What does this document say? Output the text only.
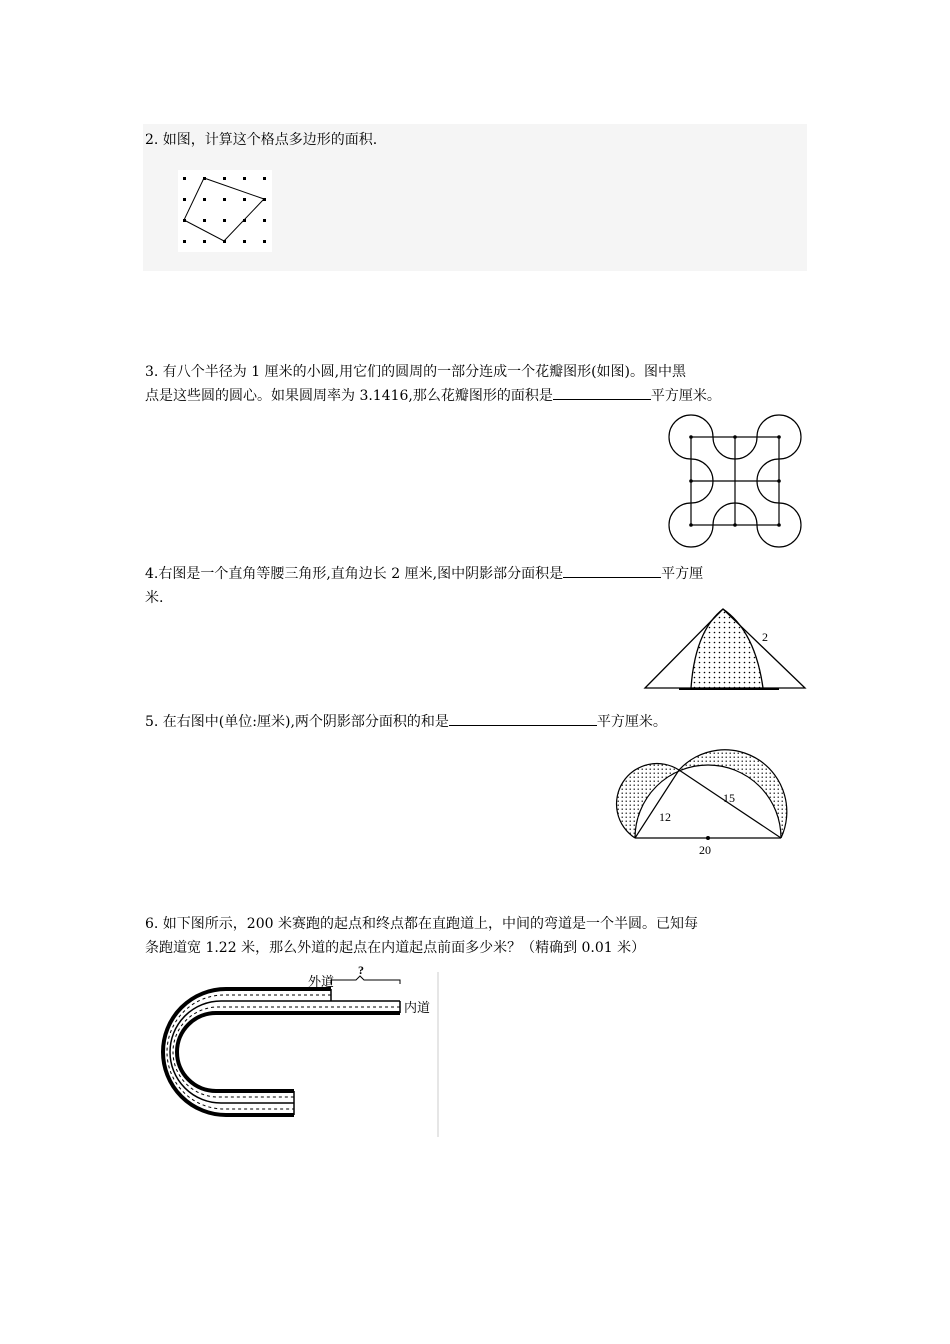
2. 如图，计算这个格点多边形的面积.
3. 有八个半径为 1 厘米的小圆,用它们的圆周的一部分连成一个花瓣图形(如图)。图中黑
点是这些圆的圆心。如果圆周率为 3.1416,那么花瓣图形的面积是	平方厘米。
4.右图是一个直角等腰三角形,直角边长 2 厘米,图中阴影部分面积是	平方厘
米.
2
5. 在右图中(单位:厘米),两个阴影部分面积的和是	平方厘米。
12
15
20
6. 如下图所示，200 米赛跑的起点和终点都在直跑道上，中间的弯道是一个半圆。已知每
条跑道宽 1.22 米，那么外道的起点在内道起点前面多少米？（精确到 0.01 米）
外道
?
内道
